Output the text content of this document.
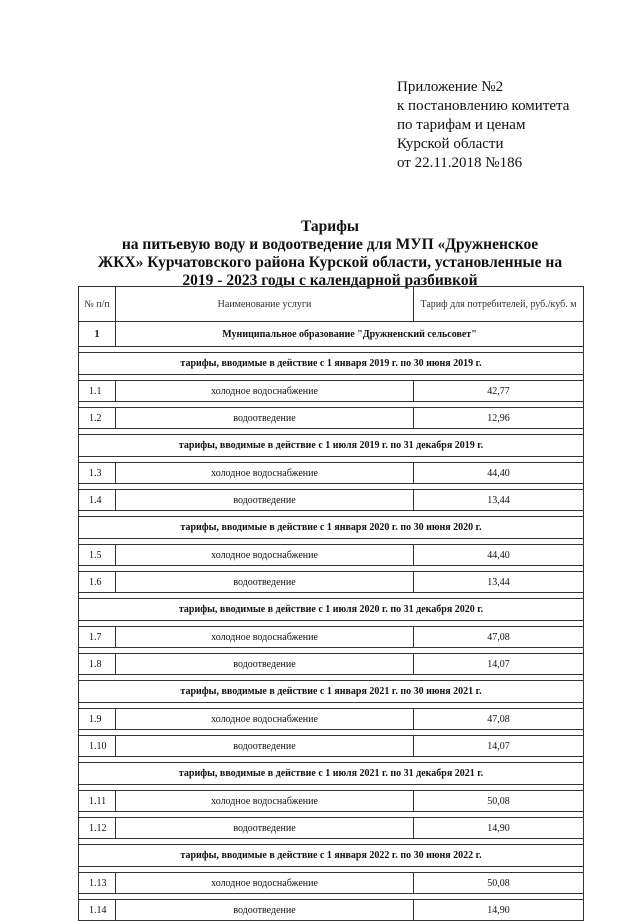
Приложение №2
к постановлению комитета
по тарифам и ценам
Курской области
от 22.11.2018 №186
Тарифы
на питьевую воду и водоотведение для МУП «Дружненское
ЖКХ» Курчатовского района Курской области, установленные на
2019 - 2023 годы с календарной разбивкой
№ п/п	Наименование услуги	Тариф для потребителей, руб./куб. м
1	Муниципальное образование "Дружненский сельсовет"	

тарифы, вводимые в действие с 1 января 2019 г. по 30 июня 2019 г.		

1.1	холодное водоснабжение	42,77

1.2	водоотведение	12,96

тарифы, вводимые в действие с 1 июля 2019 г. по 31 декабря 2019 г.		

1.3	холодное водоснабжение	44,40

1.4	водоотведение	13,44

тарифы, вводимые в действие с 1 января 2020 г. по 30 июня 2020 г.		

1.5	холодное водоснабжение	44,40

1.6	водоотведение	13,44

тарифы, вводимые в действие с 1 июля 2020 г. по 31 декабря 2020 г.		

1.7	холодное водоснабжение	47,08

1.8	водоотведение	14,07

тарифы, вводимые в действие с 1 января 2021 г. по 30 июня 2021 г.		

1.9	холодное водоснабжение	47,08

1.10	водоотведение	14,07

тарифы, вводимые в действие с 1 июля 2021 г. по 31 декабря 2021 г.		

1.11	холодное водоснабжение	50,08

1.12	водоотведение	14,90

тарифы, вводимые в действие с 1 января 2022 г. по 30 июня 2022 г.		

1.13	холодное водоснабжение	50,08

1.14	водоотведение	14,90
